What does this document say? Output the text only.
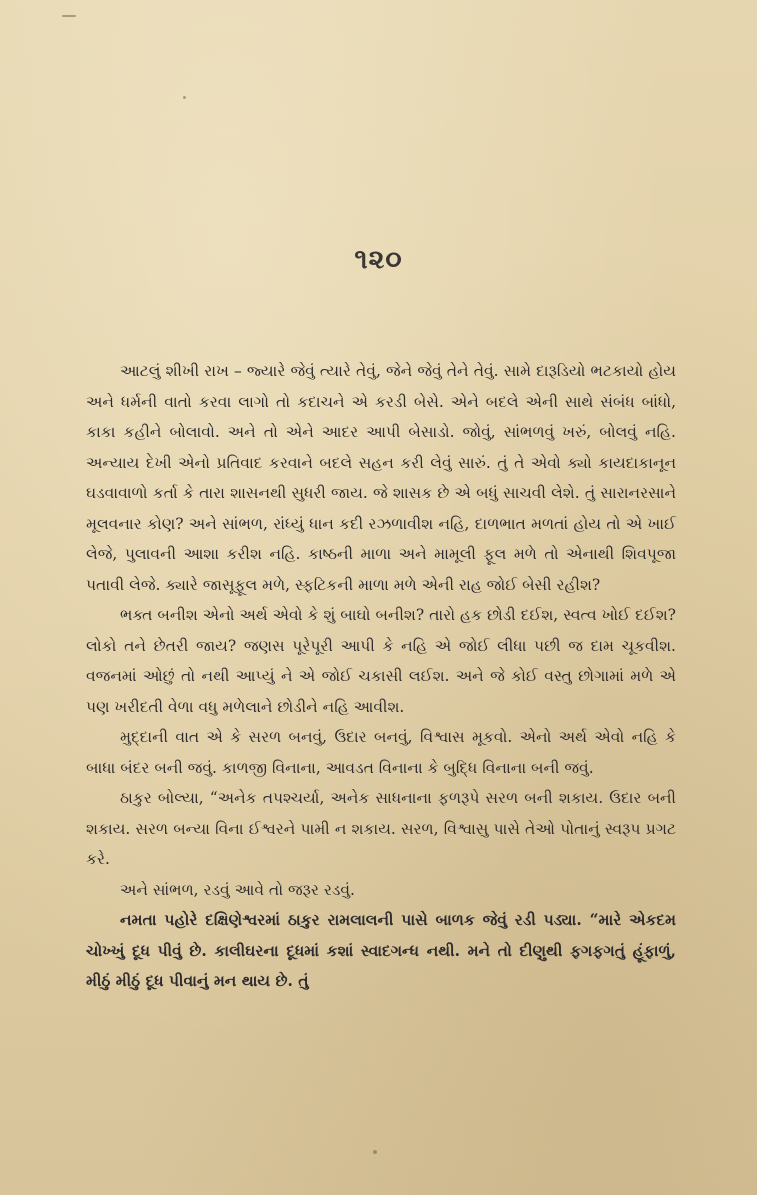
૧૨૦

આટલું શીખી રાખ – જ્યારે જેવું ત્યારે તેવું, જેને જેવું તેને તેવું. સામે દારૂડિયો ભટકાયો હોય અને ધર્મની વાતો કરવા લાગો તો કદાચને એ કરડી બેસે. એને બદલે એની સાથે સંબંધ બાંધો, કાકા કહીને બોલાવો. અને તો એને આદર આપી બેસાડો. જોવું, સાંભળવું ખરું, બોલવું નહિ. અન્યાય દેખી એનો પ્રતિવાદ કરવાને બદલે સહન કરી લેવું સારું. તું તે એવો ક્યો કાયદાકાનૂન ઘડવાવાળો કર્તા કે તારા શાસનથી સુધરી જાય. જે શાસક છે એ બધું સાચવી લેશે. તું સારાનરસાને મૂલવનાર કોણ? અને સાંભળ, રાંધ્યું ધાન કદી રઝળાવીશ નહિ, દાળભાત મળતાં હોય તો એ ખાઈ લેજે, પુલાવની આશા કરીશ નહિ. કાષ્ઠની માળા અને મામૂલી ફૂલ મળે તો એનાથી શિવપૂજા પતાવી લેજે. ક્યારે જાસૂફૂલ મળે, સ્ફટિકની માળા મળે એની રાહ જોઈ બેસી રહીશ?

ભક્ત બનીશ એનો અર્થ એવો કે શું બાઘો બનીશ? તારો હક છોડી દઈશ, સ્વત્વ ખોઈ દઈશ? લોકો તને છેતરી જાય? જણસ પૂરેપૂરી આપી કે નહિ એ જોઈ લીધા પછી જ દામ ચૂકવીશ. વજનમાં ઓછું તો નથી આપ્યું ને એ જોઈ ચકાસી લઈશ. અને જે કોઈ વસ્તુ છોગામાં મળે એ પણ ખરીદતી વેળા વધુ મળેલાને છોડીને નહિ આવીશ.

મુદ્દાની વાત એ કે સરળ બનવું, ઉદાર બનવું, વિશ્વાસ મૂકવો. એનો અર્થ એવો નહિ કે બાધા બંદર બની જવું. કાળજી વિનાના, આવડત વિનાના કે બુદ્ધિ વિનાના બની જવું.

ઠાકુર બોલ્યા, “અનેક તપશ્ચર્યા, અનેક સાધનાના ફળરૂપે સરળ બની શકાય. ઉદાર બની શકાય. સરળ બન્યા વિના ઈશ્વરને પામી ન શકાય. સરળ, વિશ્વાસુ પાસે તેઓ પોતાનું સ્વરૂપ પ્રગટ કરે.

અને સાંભળ, રડવું આવે તો જરૂર રડવું.

નમતા પહોરે દક્ષિણેશ્વરમાં ઠાકુર રામલાલની પાસે બાળક જેવું રડી પડ્યા. “મારે એકદમ ચોખ્ખું દૂધ પીવું છે. કાલીઘરના દૂધમાં કશાં સ્વાદગન્ધ નથી. મને તો દીણુથી ફગફગતું હૂંફાળું, મીઠું મીઠું દૂધ પીવાનું મન થાય છે. તું
